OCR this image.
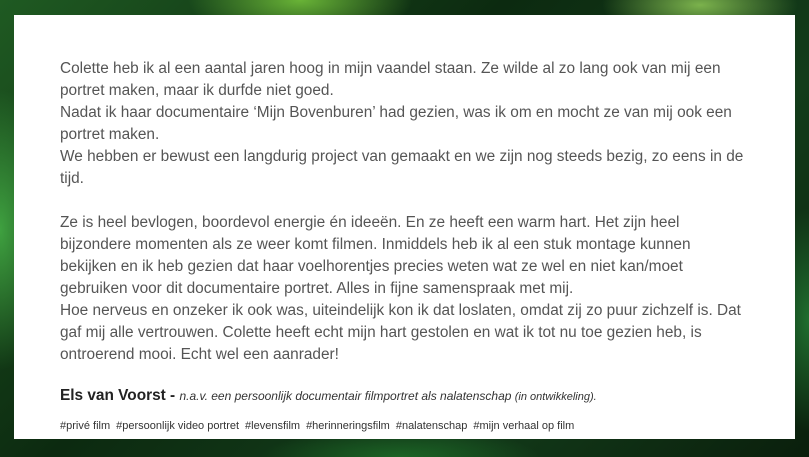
Colette heb ik al een aantal jaren hoog in mijn vaandel staan. Ze wilde al zo lang ook van mij een portret maken, maar ik durfde niet goed.
Nadat ik haar documentaire ‘Mijn Bovenburen’ had gezien, was ik om en mocht ze van mij ook een portret maken.
We hebben er bewust een langdurig project van gemaakt en we zijn nog steeds bezig, zo eens in de tijd.

Ze is heel bevlogen, boordevol energie én ideeën. En ze heeft een warm hart. Het zijn heel bijzondere momenten als ze weer komt filmen. Inmiddels heb ik al een stuk montage kunnen bekijken en ik heb gezien dat haar voelhorentjes precies weten wat ze wel en niet kan/moet gebruiken voor dit documentaire portret. Alles in fijne samenspraak met mij.
Hoe nerveus en onzeker ik ook was, uiteindelijk kon ik dat loslaten, omdat zij zo puur zichzelf is. Dat gaf mij alle vertrouwen. Colette heeft echt mijn hart gestolen en wat ik tot nu toe gezien heb, is ontroerend mooi. Echt wel een aanrader!

Els van Voorst - n.a.v. een persoonlijk documentair filmportret als nalatenschap (in ontwikkeling).
#privé film #persoonlijk video portret #levensfilm #herinneringsfilm #nalatenschap #mijn verhaal op film
